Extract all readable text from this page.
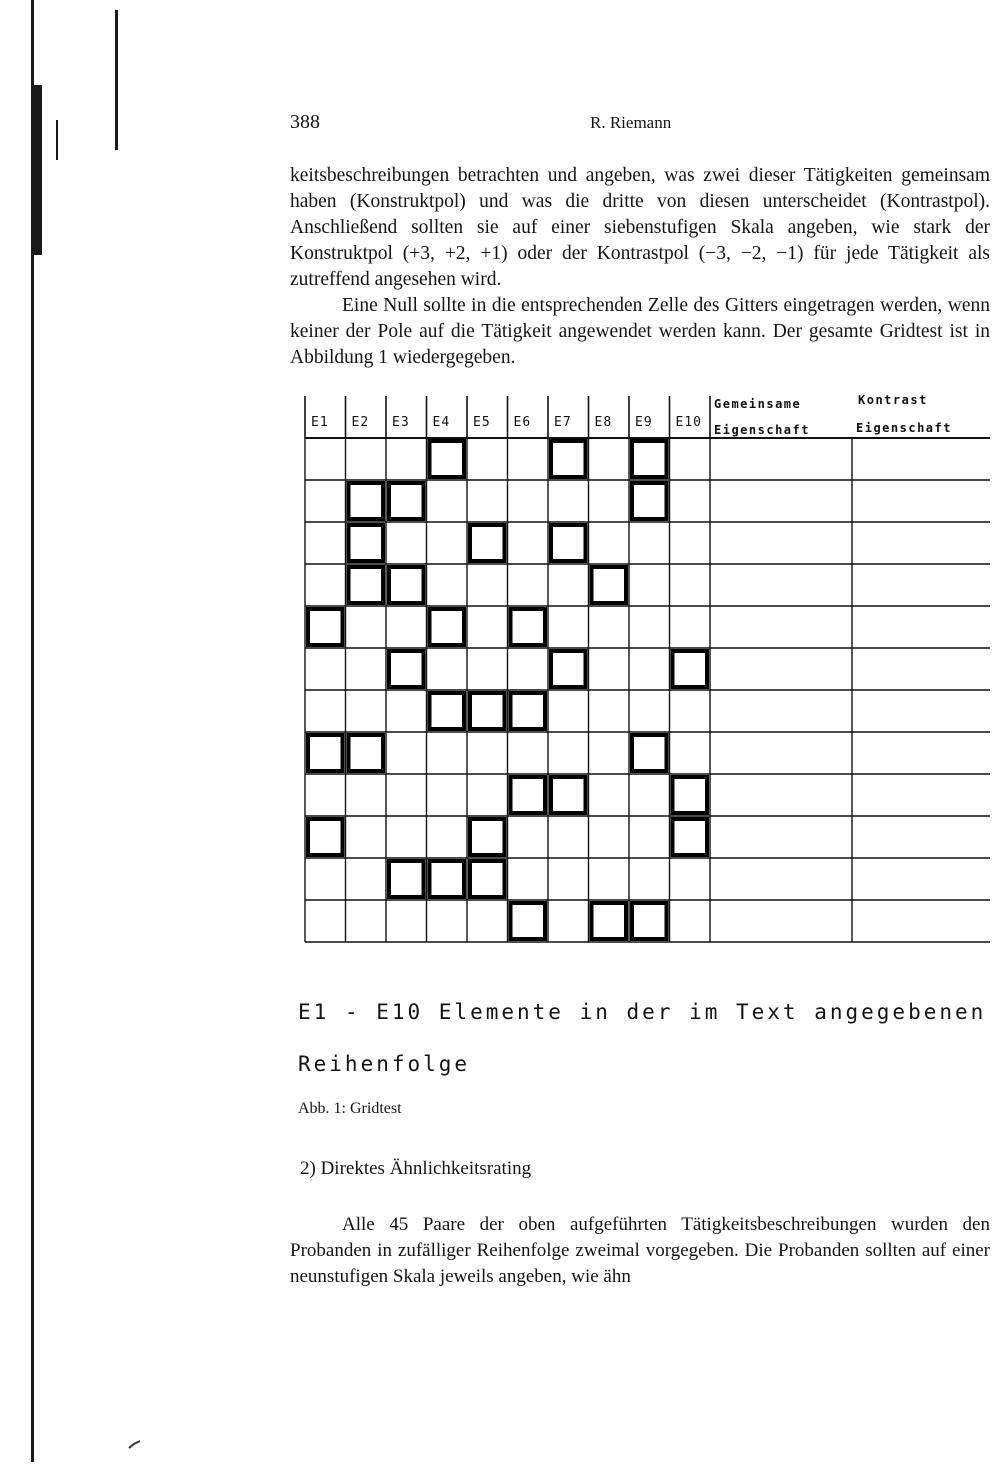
388	R. Riemann

keitsbeschreibungen betrachten und angeben, was zwei dieser Tätigkeiten gemeinsam haben (Konstruktpol) und was die dritte von diesen unterscheidet (Kontrastpol). Anschließend sollten sie auf einer siebenstufigen Skala angeben, wie stark der Konstruktpol (+3, +2, +1) oder der Kontrastpol (−3, −2, −1) für jede Tätigkeit als zutreffend angesehen wird.

Eine Null sollte in die entsprechenden Zelle des Gitters eingetragen werden, wenn keiner der Pole auf die Tätigkeit angewendet werden kann. Der gesamte Gridtest ist in Abbildung 1 wiedergegeben.

E1 E2 E3 E4 E5 E6 E7 E8 E9 E10
Gemeinsame
Eigenschaft
Kontrast
Eigenschaft
E1 - E10 Elemente in der im Text angegebenen
Reihenfolge
Abb. 1: Gridtest
2) Direktes Ähnlichkeitsrating

Alle 45 Paare der oben aufgeführten Tätigkeitsbeschreibungen wurden den Probanden in zufälliger Reihenfolge zweimal vorgegeben. Die Probanden sollten auf einer neunstufigen Skala jeweils angeben, wie ähn
